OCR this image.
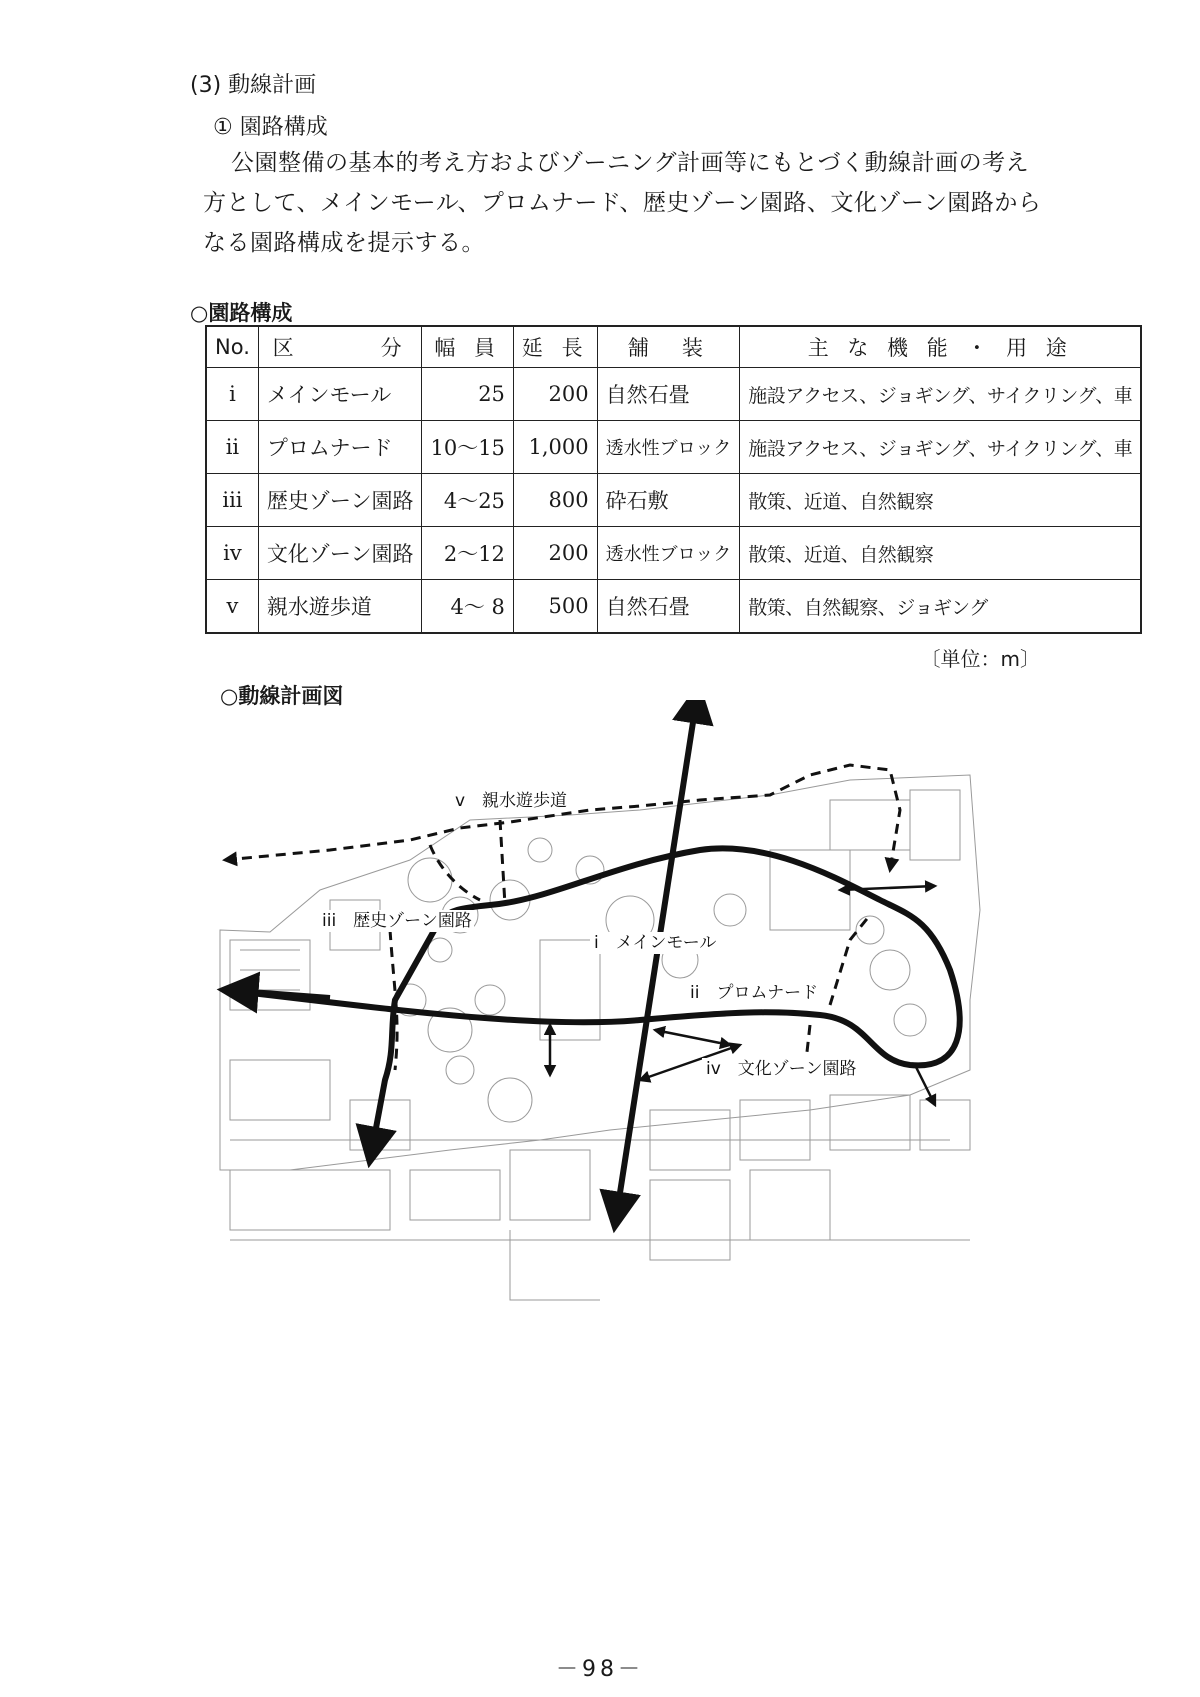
(3) 動線計画
① 園路構成
公園整備の基本的考え方およびゾーニング計画等にもとづく動線計画の考え方として、メインモール、プロムナード、歴史ゾーン園路、文化ゾーン園路からなる園路構成を提示する。
○園路構成
No.	区　　　分	幅 員	延 長	舗　装	主 な 機 能 ・ 用 途
i	メインモール	25	200	自然石畳	施設アクセス、ジョギング、サイクリング、車
ii	プロムナード	10〜15	1,000	透水性ブロック	施設アクセス、ジョギング、サイクリング、車
iii	歴史ゾーン園路	4〜25	800	砕石敷	散策、近道、自然観察
iv	文化ゾーン園路	2〜12	200	透水性ブロック	散策、近道、自然観察
v	親水遊歩道	4〜 8	500	自然石畳	散策、自然観察、ジョギング
〔単位：m〕
○動線計画図
v　親水遊歩道
iii　歴史ゾーン園路
i　メインモール
ii　プロムナード
iv　文化ゾーン園路
－98－
